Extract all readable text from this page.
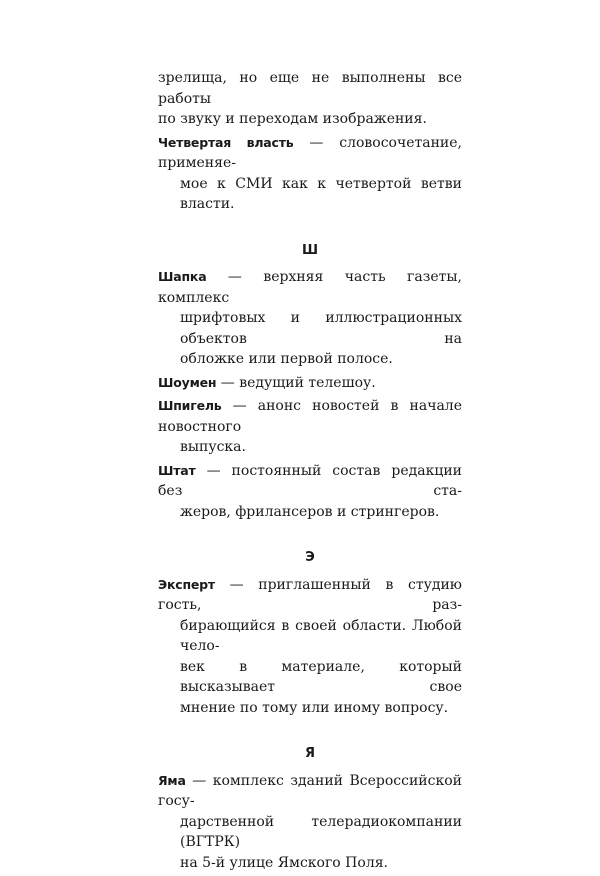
зрелища, но еще не выполнены все работы
по звуку и переходам изображения.
Четвертая власть — словосочетание, применяе-
мое к СМИ как к четвертой ветви власти.
Ш
Шапка — верхняя часть газеты, комплекс
шрифтовых и иллюстрационных объектов на
обложке или первой полосе.
Шоумен — ведущий телешоу.
Шпигель — анонс новостей в начале новостного
выпуска.
Штат — постоянный состав редакции без ста-
жеров, фрилансеров и стрингеров.
Э
Эксперт — приглашенный в студию гость, раз-
бирающийся в своей области. Любой чело-
век в материале, который высказывает свое
мнение по тому или иному вопросу.
Я
Яма — комплекс зданий Всероссийской госу-
дарственной телерадиокомпании (ВГТРК)
на 5-й улице Ямского Поля.
